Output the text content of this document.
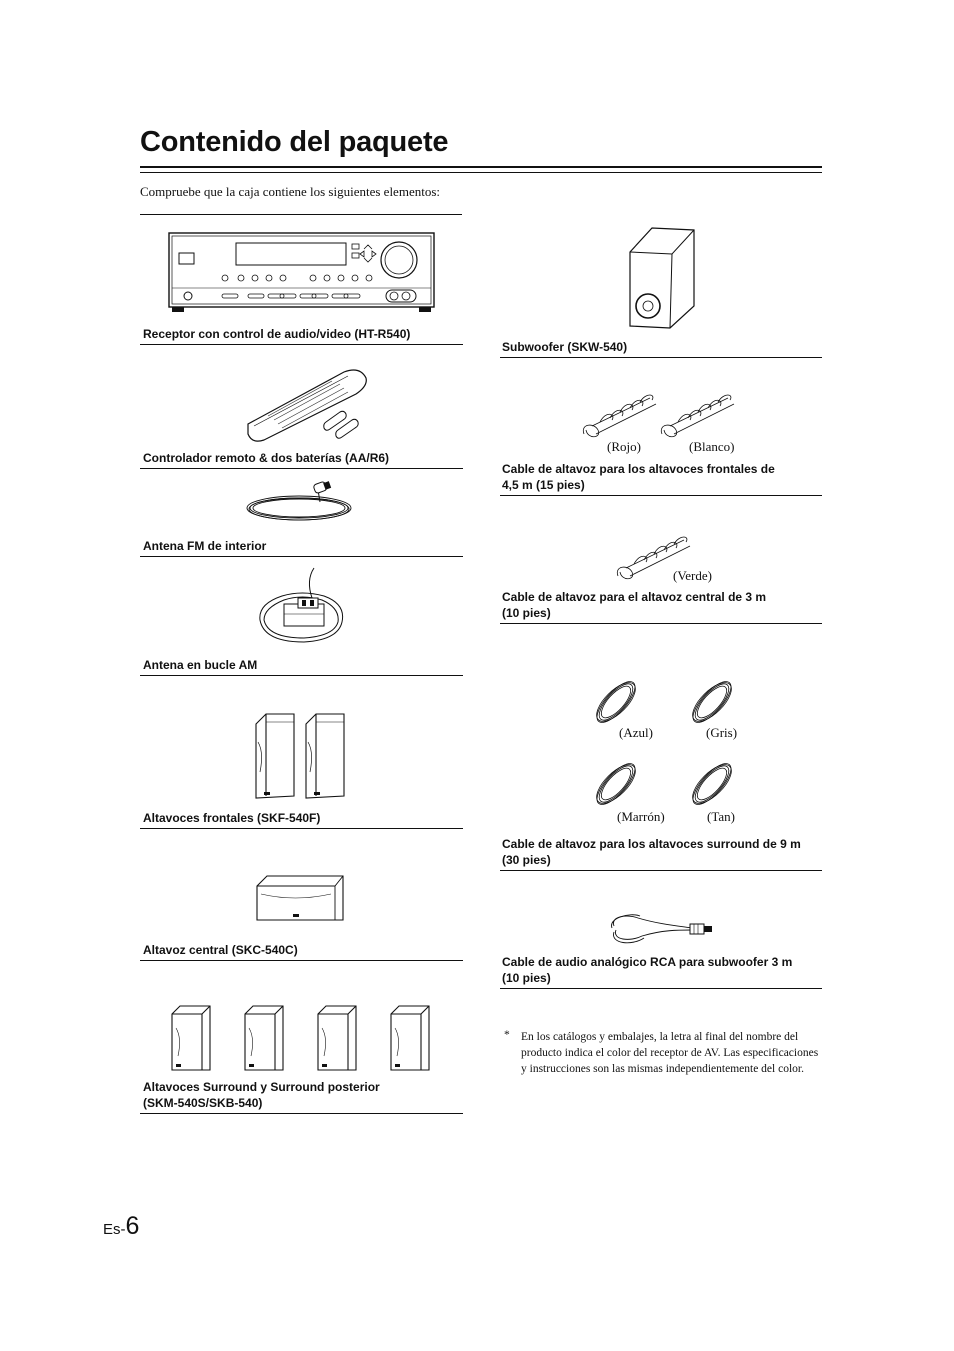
Contenido del paquete
Compruebe que la caja contiene los siguientes elementos:
Receptor con control de audio/video (HT-R540)
Controlador remoto & dos baterías (AA/R6)
Antena FM de interior
Antena en bucle AM
Altavoces frontales (SKF-540F)
Altavoz central (SKC-540C)
Altavoces Surround y Surround posterior
(SKM-540S/SKB-540)
Subwoofer (SKW-540)
(Rojo)	(Blanco)
Cable de altavoz para los altavoces frontales de
4,5 m (15 pies)
(Verde)
Cable de altavoz para el altavoz central de 3 m
(10 pies)
(Azul)	(Gris)
(Marrón)	(Tan)
Cable de altavoz para los altavoces surround de 9 m
(30 pies)
Cable de audio analógico RCA para subwoofer 3 m
(10 pies)
* En los catálogos y embalajes, la letra al final del nombre del producto indica el color del receptor de AV. Las especificaciones y instrucciones son las mismas independientemente del color.
Es-6
